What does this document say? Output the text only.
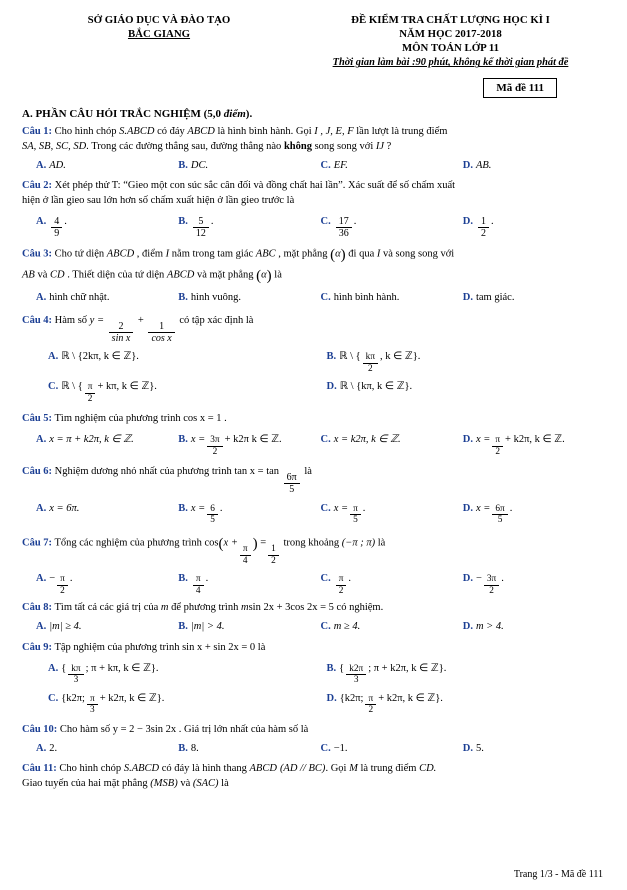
SỞ GIÁO DỤC VÀ ĐÀO TẠO
BẮC GIANG
ĐỀ KIỂM TRA CHẤT LƯỢNG HỌC KÌ I
NĂM HỌC 2017-2018
MÔN TOÁN LỚP 11
Thời gian làm bài :90 phút, không kể thời gian phát đề
Mã đề 111
A. PHẦN CÂU HỎI TRẮC NGHIỆM (5,0 điểm).
Câu 1: Cho hình chóp S.ABCD có đáy ABCD là hình bình hành. Gọi I , J, E, F lần lượt là trung điểm
SA, SB, SC, SD. Trong các đường thẳng sau, đường thẳng nào không song song với IJ ?
A. AD.	B. DC.	C. EF.	D. AB.
Câu 2: Xét phép thử T: “Gieo một con súc sắc cân đối và đồng chất hai lần”. Xác suất để số chấm xuất
hiện ở lần gieo sau lớn hơn số chấm xuất hiện ở lần gieo trước là
A. $\frac{4}{9}$ .	B. $\frac{5}{12}$ .	C. $\frac{17}{36}$ .	D. $\frac{1}{2}$ .
Câu 3: Cho tứ diện ABCD , điểm I nằm trong tam giác ABC , mặt phẳng (α) đi qua I và song song với
AB và CD . Thiết diện của tứ diện ABCD và mặt phẳng (α) là
A. hình chữ nhật.	B. hình vuông.	C. hình bình hành.	D. tam giác.
Câu 4: Hàm số y =
$\frac{2}{\text{sin x}}$
+
$\frac{1}{\text{cos x}}$
có tập xác định là
A. ℝ \ {2kπ, k ∈ ℤ}.	B. ℝ \ { $\frac{k\pi}{2}$ , k ∈ ℤ}.
C. ℝ \ { $\frac{\pi}{2} + k\pi$, k ∈ ℤ}.	D. ℝ \ {kπ, k ∈ ℤ}.
Câu 5: Tìm nghiệm của phương trình cos x = 1 .
A. x = π + k2π, k ∈ ℤ.	B. $x = \frac{3\pi}{2} + k2\pi$ k ∈ ℤ.	C. x = k2π, k ∈ ℤ.	D. $x = \frac{\pi}{2} + k2\pi$, k ∈ ℤ.
Câu 6: Nghiệm dương nhỏ nhất của phương trình tan x = tan
$\frac{6\pi}{5}$
là
A. x = 6π.	B. $x = \frac{6}{5}$ .	C. $x = \frac{\pi}{5}$ .	D. $x = \frac{6\pi}{5}$ .
Câu 7: Tổng các nghiệm của phương trình cos(x +
$\frac{\pi}{4}$
) =
$\frac{1}{2}$
trong khoảng (−π ; π) là
A. − $\frac{\pi}{2}$ .	B. $\frac{\pi}{4}$ .	C. $\frac{\pi}{2}$ .	D. − $\frac{3\pi}{2}$ .
Câu 8: Tìm tất cả các giá trị của m để phương trình msin 2x + 3cos 2x = 5 có nghiệm.
A. |m| ≥ 4.	B. |m| > 4.	C. m ≥ 4.	D. m > 4.
Câu 9: Tập nghiệm của phương trình sin x + sin 2x = 0 là
A. { $\frac{k\pi}{3}$ ; π + kπ, k ∈ ℤ}.	B. { $\frac{k2\pi}{3}$ ; π + k2π, k ∈ ℤ}.
C. {k2π; $\frac{\pi}{3} + k2\pi$, k ∈ ℤ}.	D. {k2π; $\frac{\pi}{2} + k2\pi$, k ∈ ℤ}.
Câu 10: Cho hàm số y = 2 − 3sin 2x . Giá trị lớn nhất của hàm số là
A. 2.	B. 8.	C. −1.	D. 5.
Câu 11: Cho hình chóp S.ABCD có đáy là hình thang ABCD (AD // BC). Gọi M là trung điểm CD.
Giao tuyến của hai mặt phẳng (MSB) và (SAC) là
Trang 1/3 - Mã đề 111
